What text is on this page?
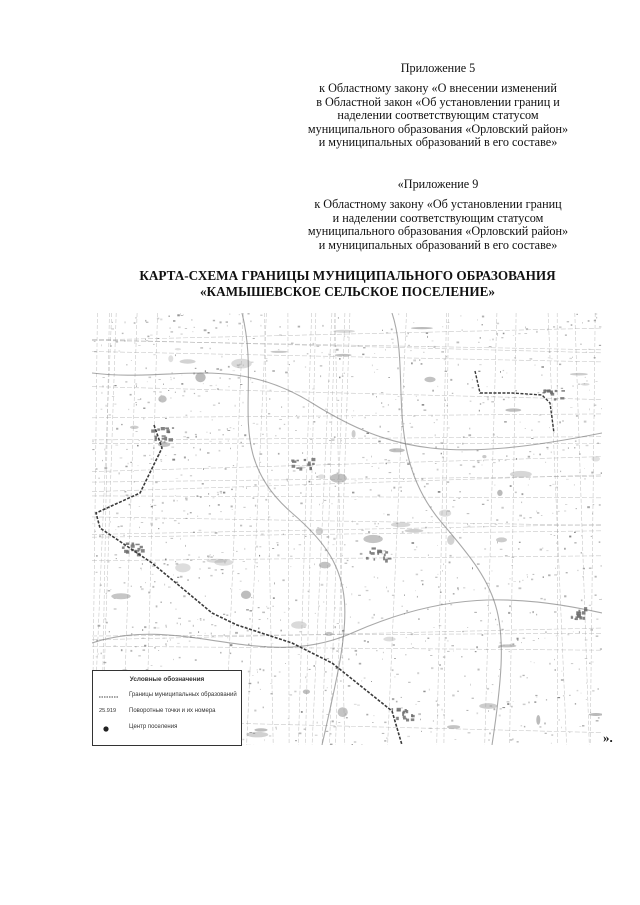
Приложение 5
к Областному закону «О внесении изменений
в Областной закон «Об установлении границ и
наделении соответствующим статусом
муниципального образования «Орловский район»
и муниципальных образований в его составе»
«Приложение 9
к Областному закону «Об установлении границ
и наделении соответствующим статусом
муниципального образования «Орловский район»
и муниципальных образований в его составе»
КАРТА-СХЕМА ГРАНИЦЫ МУНИЦИПАЛЬНОГО ОБРАЗОВАНИЯ
«КАМЫШЕВСКОЕ СЕЛЬСКОЕ ПОСЕЛЕНИЕ»
Условные обозначения
Границы муниципальных образований
25.919	Поворотные точки и их номера
Центр поселения
».
